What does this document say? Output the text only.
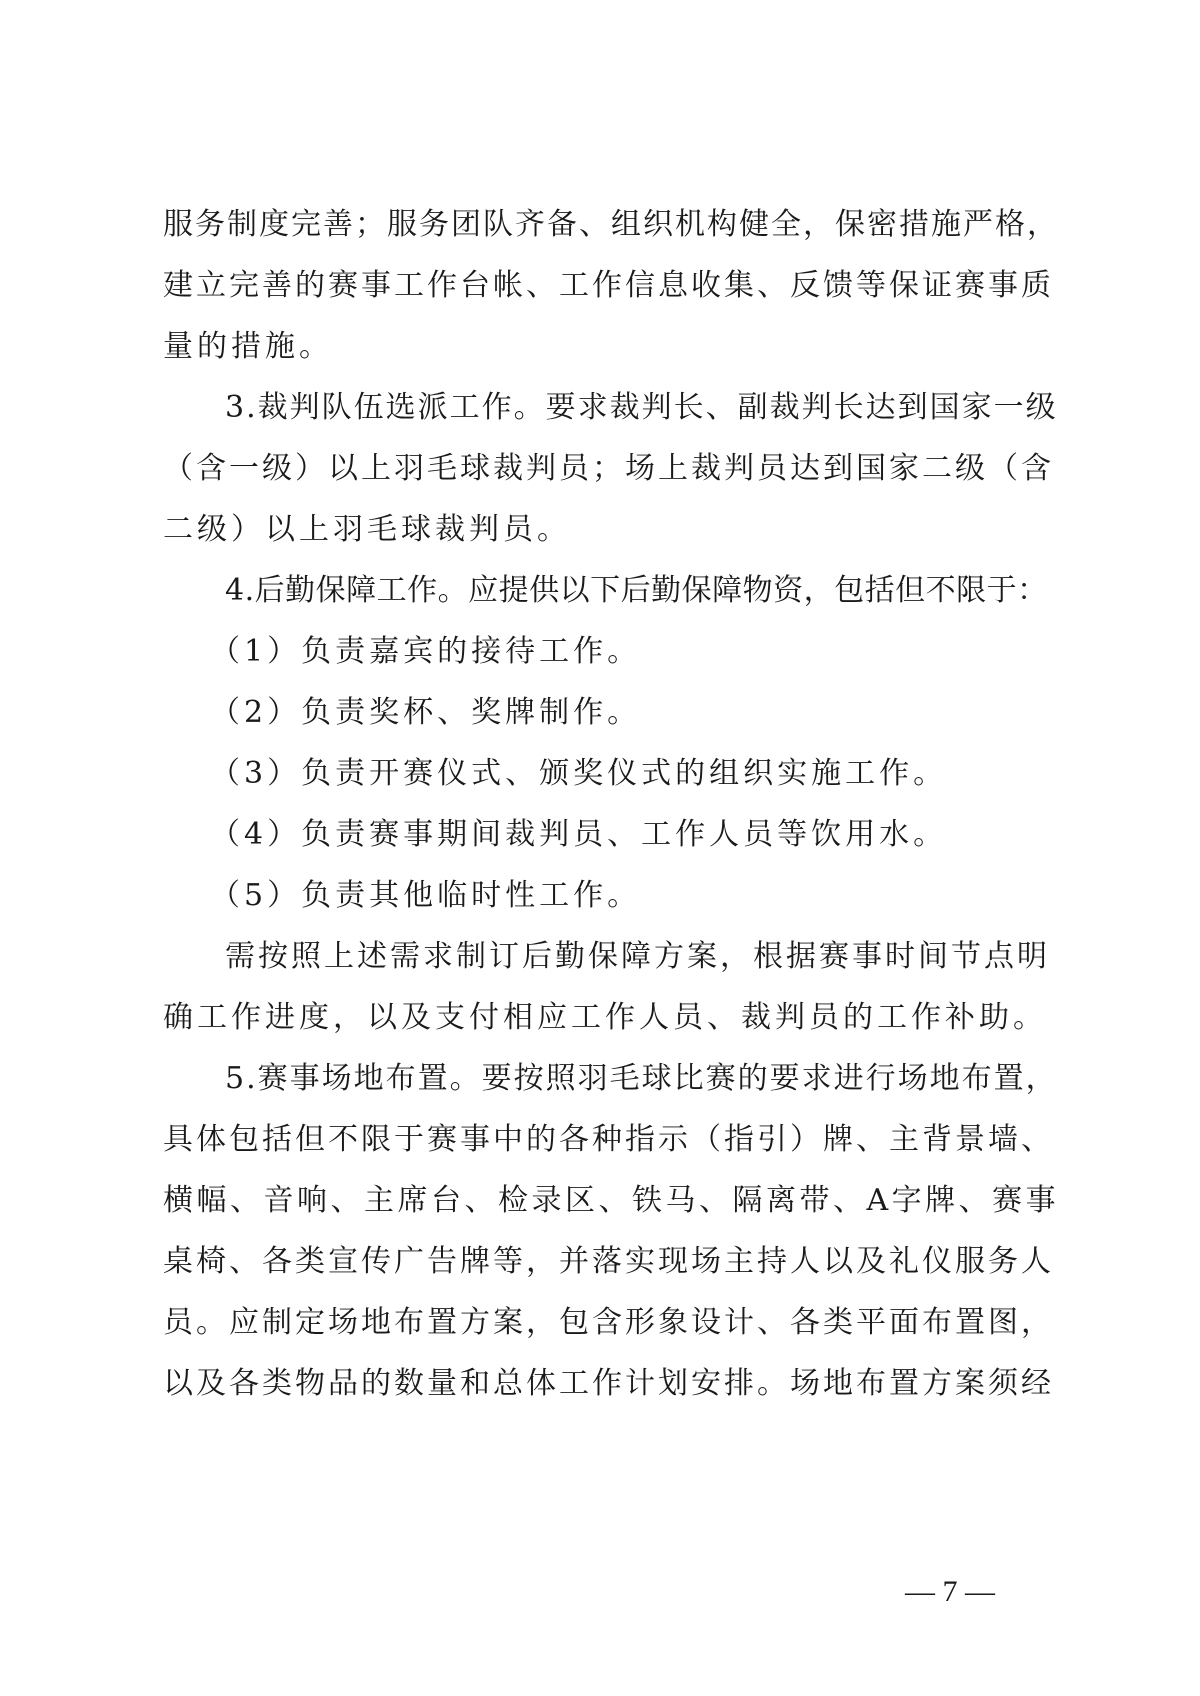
服务制度完善；服务团队齐备、组织机构健全，保密措施严格，
建立完善的赛事工作台帐、工作信息收集、反馈等保证赛事质
量的措施。
3.裁判队伍选派工作。要求裁判长、副裁判长达到国家一级
（含一级）以上羽毛球裁判员；场上裁判员达到国家二级（含
二级）以上羽毛球裁判员。
4.后勤保障工作。应提供以下后勤保障物资，包括但不限于：
（1）负责嘉宾的接待工作。
（2）负责奖杯、奖牌制作。
（3）负责开赛仪式、颁奖仪式的组织实施工作。
（4）负责赛事期间裁判员、工作人员等饮用水。
（5）负责其他临时性工作。
需按照上述需求制订后勤保障方案，根据赛事时间节点明
确工作进度，以及支付相应工作人员、裁判员的工作补助。
5.赛事场地布置。要按照羽毛球比赛的要求进行场地布置，
具体包括但不限于赛事中的各种指示（指引）牌、主背景墙、
横幅、音响、主席台、检录区、铁马、隔离带、A字牌、赛事
桌椅、各类宣传广告牌等，并落实现场主持人以及礼仪服务人
员。应制定场地布置方案，包含形象设计、各类平面布置图，
以及各类物品的数量和总体工作计划安排。场地布置方案须经
— 7 —
